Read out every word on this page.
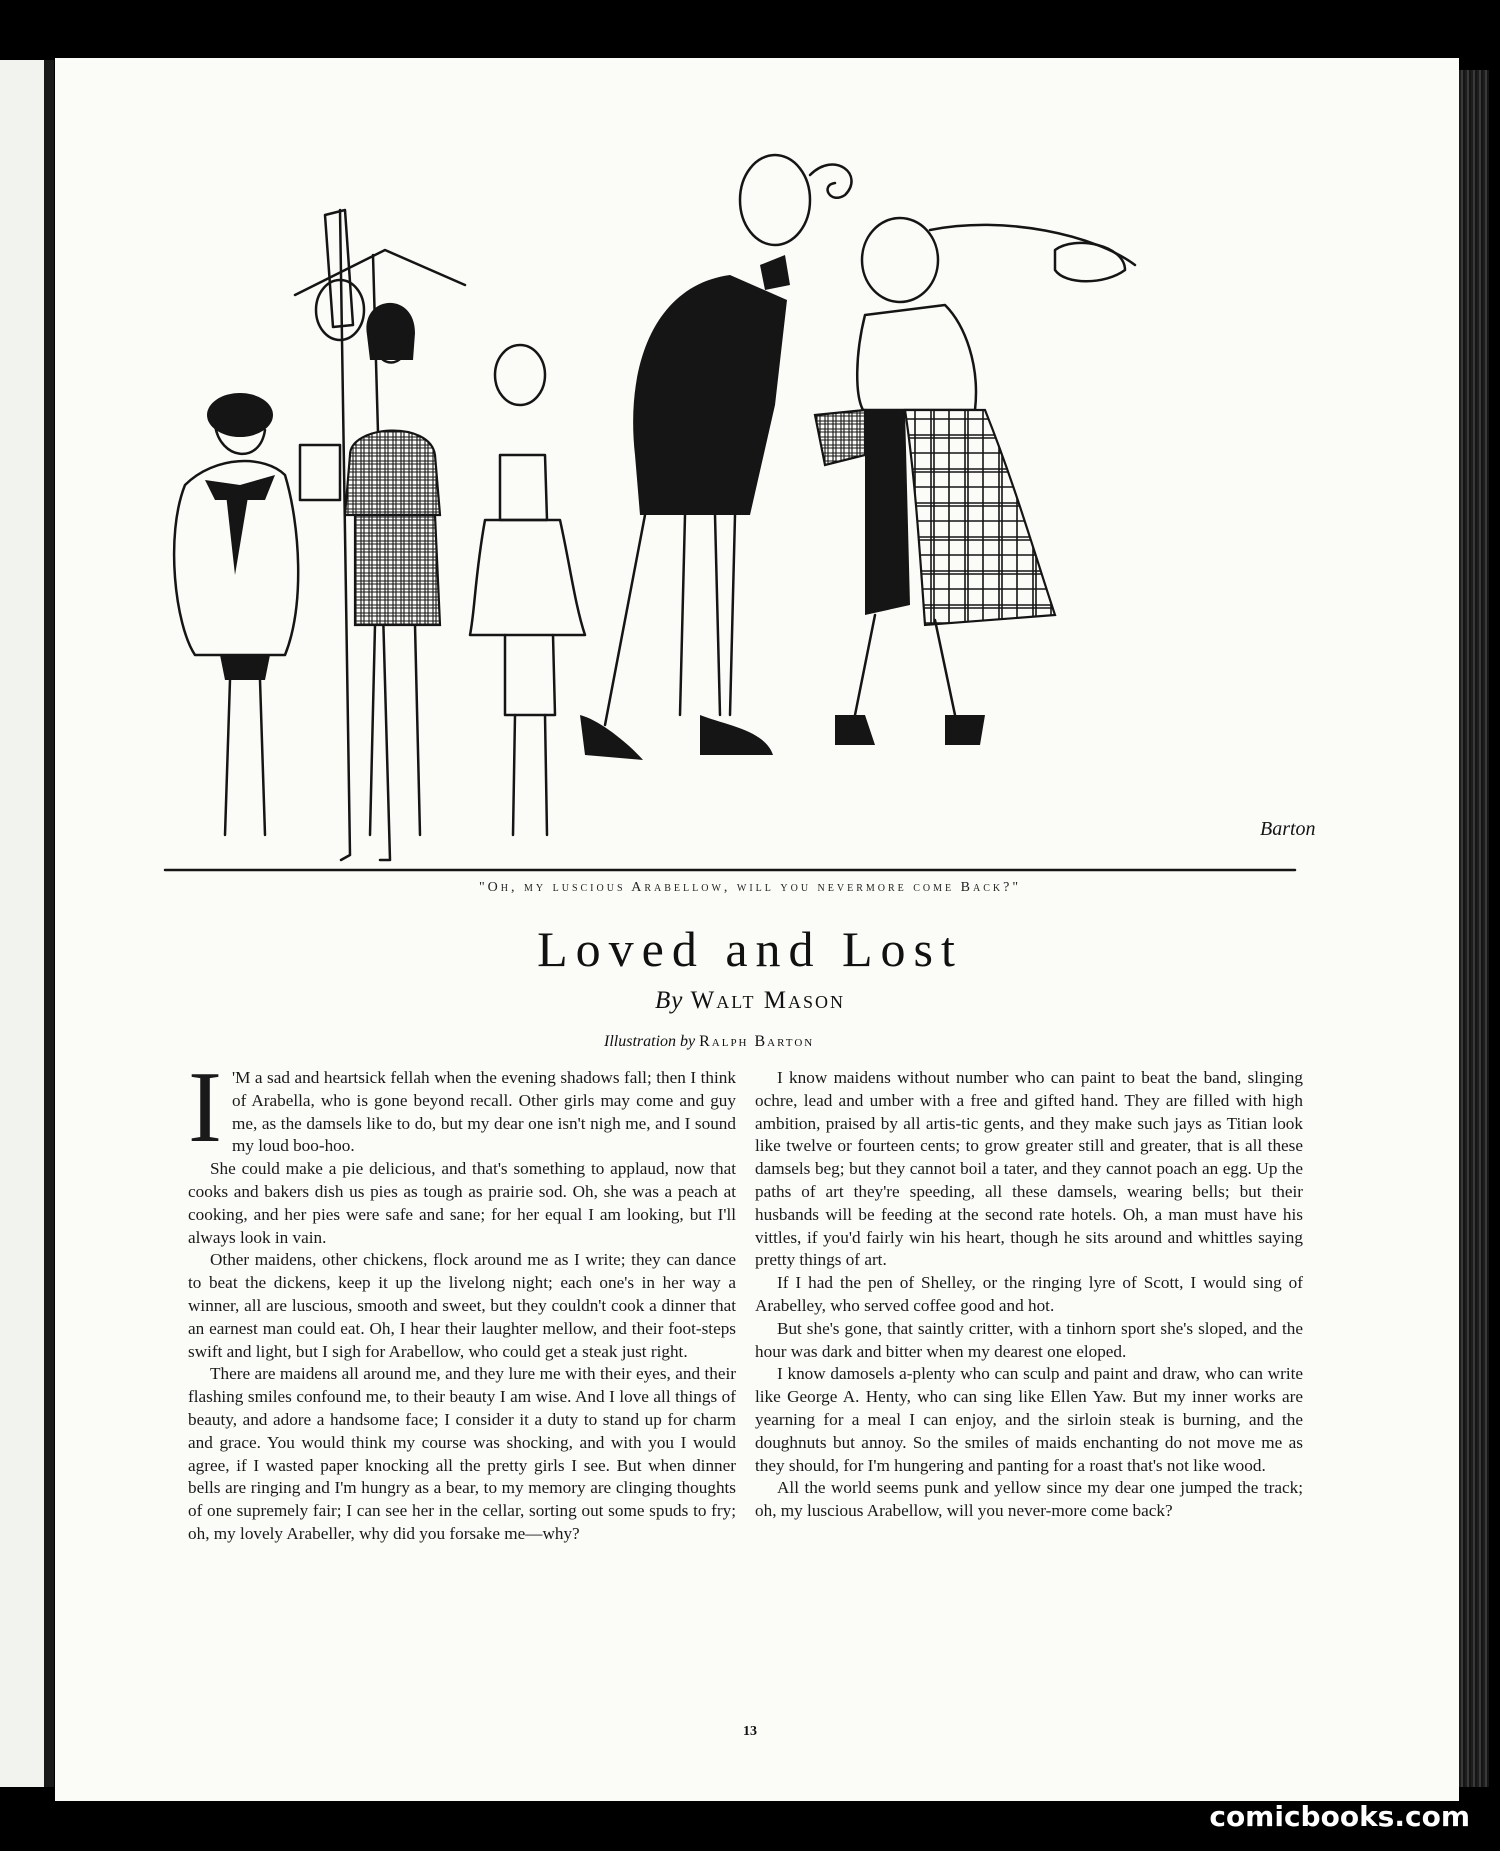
Barton
"Oh, my luscious Arabellow, will you nevermore come Back?"
Loved and Lost
By Walt Mason
Illustration by Ralph Barton

I 'M a sad and heartsick fellah when the evening shadows fall; then I think of Arabella, who is gone beyond recall. Other girls may come and guy me, as the damsels like to do, but my dear one isn't nigh me, and I sound my loud boo-hoo.

She could make a pie delicious, and that's something to applaud, now that cooks and bakers dish us pies as tough as prairie sod. Oh, she was a peach at cooking, and her pies were safe and sane; for her equal I am looking, but I'll always look in vain.

Other maidens, other chickens, flock around me as I write; they can dance to beat the dickens, keep it up the livelong night; each one's in her way a winner, all are luscious, smooth and sweet, but they couldn't cook a dinner that an earnest man could eat. Oh, I hear their laughter mellow, and their foot-steps swift and light, but I sigh for Arabellow, who could get a steak just right.

There are maidens all around me, and they lure me with their eyes, and their flashing smiles confound me, to their beauty I am wise. And I love all things of beauty, and adore a handsome face; I consider it a duty to stand up for charm and grace. You would think my course was shocking, and with you I would agree, if I wasted paper knocking all the pretty girls I see. But when dinner bells are ringing and I'm hungry as a bear, to my memory are clinging thoughts of one supremely fair; I can see her in the cellar, sorting out some spuds to fry; oh, my lovely Arabeller, why did you forsake me—why?

I know maidens without number who can paint to beat the band, slinging ochre, lead and umber with a free and gifted hand. They are filled with high ambition, praised by all artis-tic gents, and they make such jays as Titian look like twelve or fourteen cents; to grow greater still and greater, that is all these damsels beg; but they cannot boil a tater, and they cannot poach an egg. Up the paths of art they're speeding, all these damsels, wearing bells; but their husbands will be feeding at the second rate hotels. Oh, a man must have his vittles, if you'd fairly win his heart, though he sits around and whittles saying pretty things of art.

If I had the pen of Shelley, or the ringing lyre of Scott, I would sing of Arabelley, who served coffee good and hot.

But she's gone, that saintly critter, with a tinhorn sport she's sloped, and the hour was dark and bitter when my dearest one eloped.

I know damosels a-plenty who can sculp and paint and draw, who can write like George A. Henty, who can sing like Ellen Yaw. But my inner works are yearning for a meal I can enjoy, and the sirloin steak is burning, and the doughnuts but annoy. So the smiles of maids enchanting do not move me as they should, for I'm hungering and panting for a roast that's not like wood.

All the world seems punk and yellow since my dear one jumped the track; oh, my luscious Arabellow, will you never-more come back?

13
comicbooks.com
